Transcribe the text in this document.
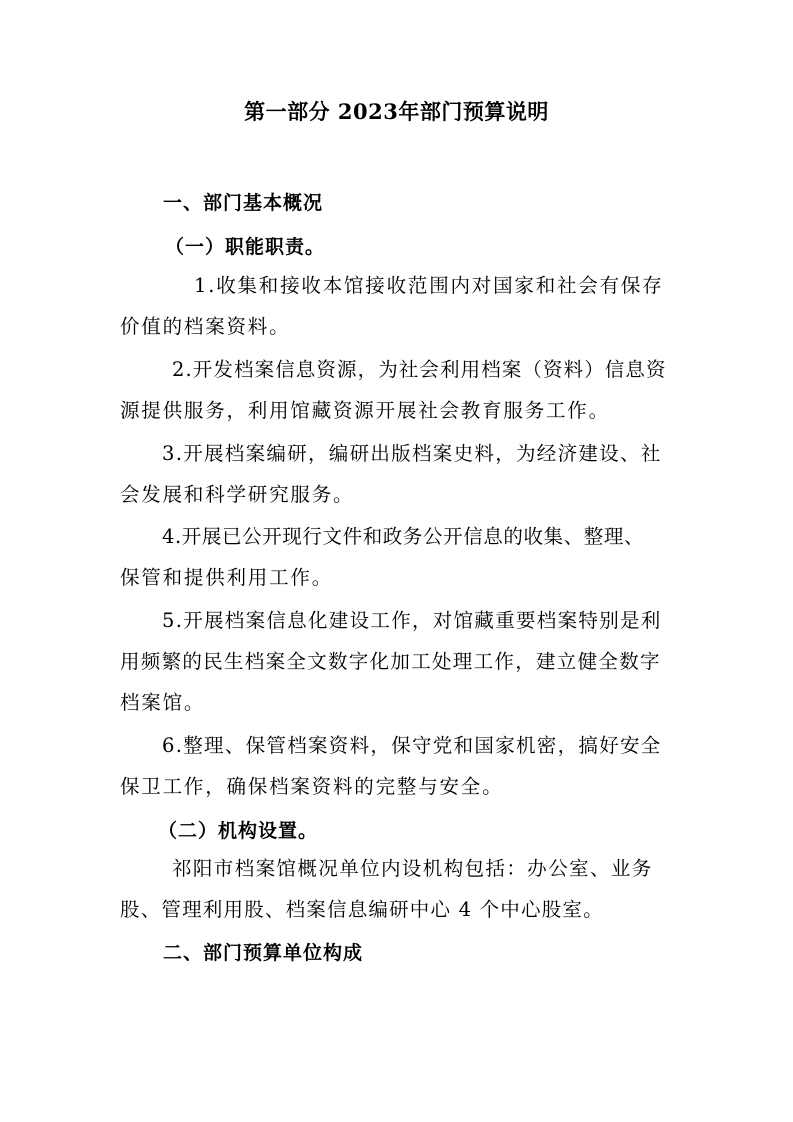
第一部分 2023年部门预算说明
一、部门基本概况
（一）职能职责。
1.收集和接收本馆接收范围内对国家和社会有保存
价值的档案资料。
2.开发档案信息资源，为社会利用档案（资料）信息资
源提供服务，利用馆藏资源开展社会教育服务工作。
3.开展档案编研，编研出版档案史料，为经济建设、社
会发展和科学研究服务。
4.开展已公开现行文件和政务公开信息的收集、整理、
保管和提供利用工作。
5.开展档案信息化建设工作，对馆藏重要档案特别是利
用频繁的民生档案全文数字化加工处理工作，建立健全数字
档案馆。
6.整理、保管档案资料，保守党和国家机密，搞好安全
保卫工作，确保档案资料的完整与安全。
（二）机构设置。
祁阳市档案馆概况单位内设机构包括：办公室、业务
股、管理利用股、档案信息编研中心 4 个中心股室。
二、部门预算单位构成
